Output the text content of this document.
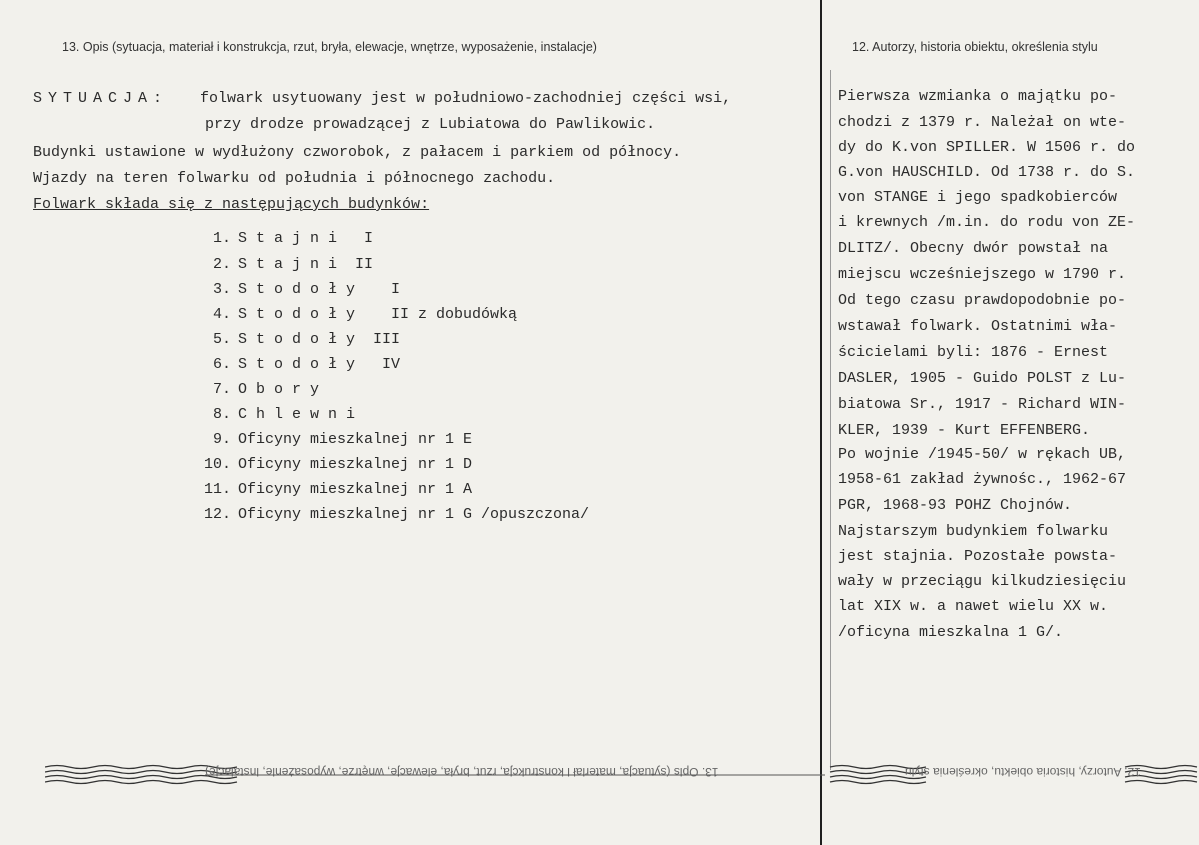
13. Opis (sytuacja, materiał i konstrukcja, rzut, bryła, elewacje, wnętrze, wyposażenie, instalacje)	12. Autorzy, historia obiektu, określenia stylu
SYTUACJA: folwark usytuowany jest w południowo-zachodniej części wsi,
przy drodze prowadzącej z Lubiatowa do Pawlikowic.
Budynki ustawione w wydłużony czworobok, z pałacem i parkiem od północy.
Wjazdy na teren folwarku od południa i północnego zachodu.
Folwark składa się z następujących budynków:
1. S t a j n i   I
2. S t a j n i  II
3. S t o d o ł y    I
4. S t o d o ł y    II z dobudówką
5. S t o d o ł y  III
6. S t o d o ł y   IV
7. O b o r y
8. C h l e w n i
9. Oficyny mieszkalnej nr 1 E
10. Oficyny mieszkalnej nr 1 D
11. Oficyny mieszkalnej nr 1 A
12. Oficyny mieszkalnej nr 1 G /opuszczona/
Pierwsza wzmianka o majątku po-
chodzi z 1379 r. Należał on wte-
dy do K.von SPILLER. W 1506 r. do
G.von HAUSCHILD. Od 1738 r. do S.
von STANGE i jego spadkobierców
i krewnych /m.in. do rodu von ZE-
DLITZ/. Obecny dwór powstał na
miejscu wcześniejszego w 1790 r.
Od tego czasu prawdopodobnie po-
wstawał folwark. Ostatnimi wła-
ścicielami byli: 1876 - Ernest
DASLER, 1905 - Guido POLST z Lu-
biatowa Sr., 1917 - Richard WIN-
KLER, 1939 - Kurt EFFENBERG.
Po wojnie /1945-50/ w rękach UB,
1958-61 zakład żywnośc., 1962-67
PGR, 1968-93 POHZ Chojnów.
Najstarszym budynkiem folwarku
jest stajnia. Pozostałe powsta-
wały w przeciągu kilkudziesięciu
lat XIX w. a nawet wielu XX w.
/oficyna mieszkalna 1 G/.
13. Opis (sytuacja, materiał i konstrukcja, rzut, bryła, elewacje, wnętrze, wyposażenie, instalacje)	12. Autorzy, historia obiektu, określenia stylu
